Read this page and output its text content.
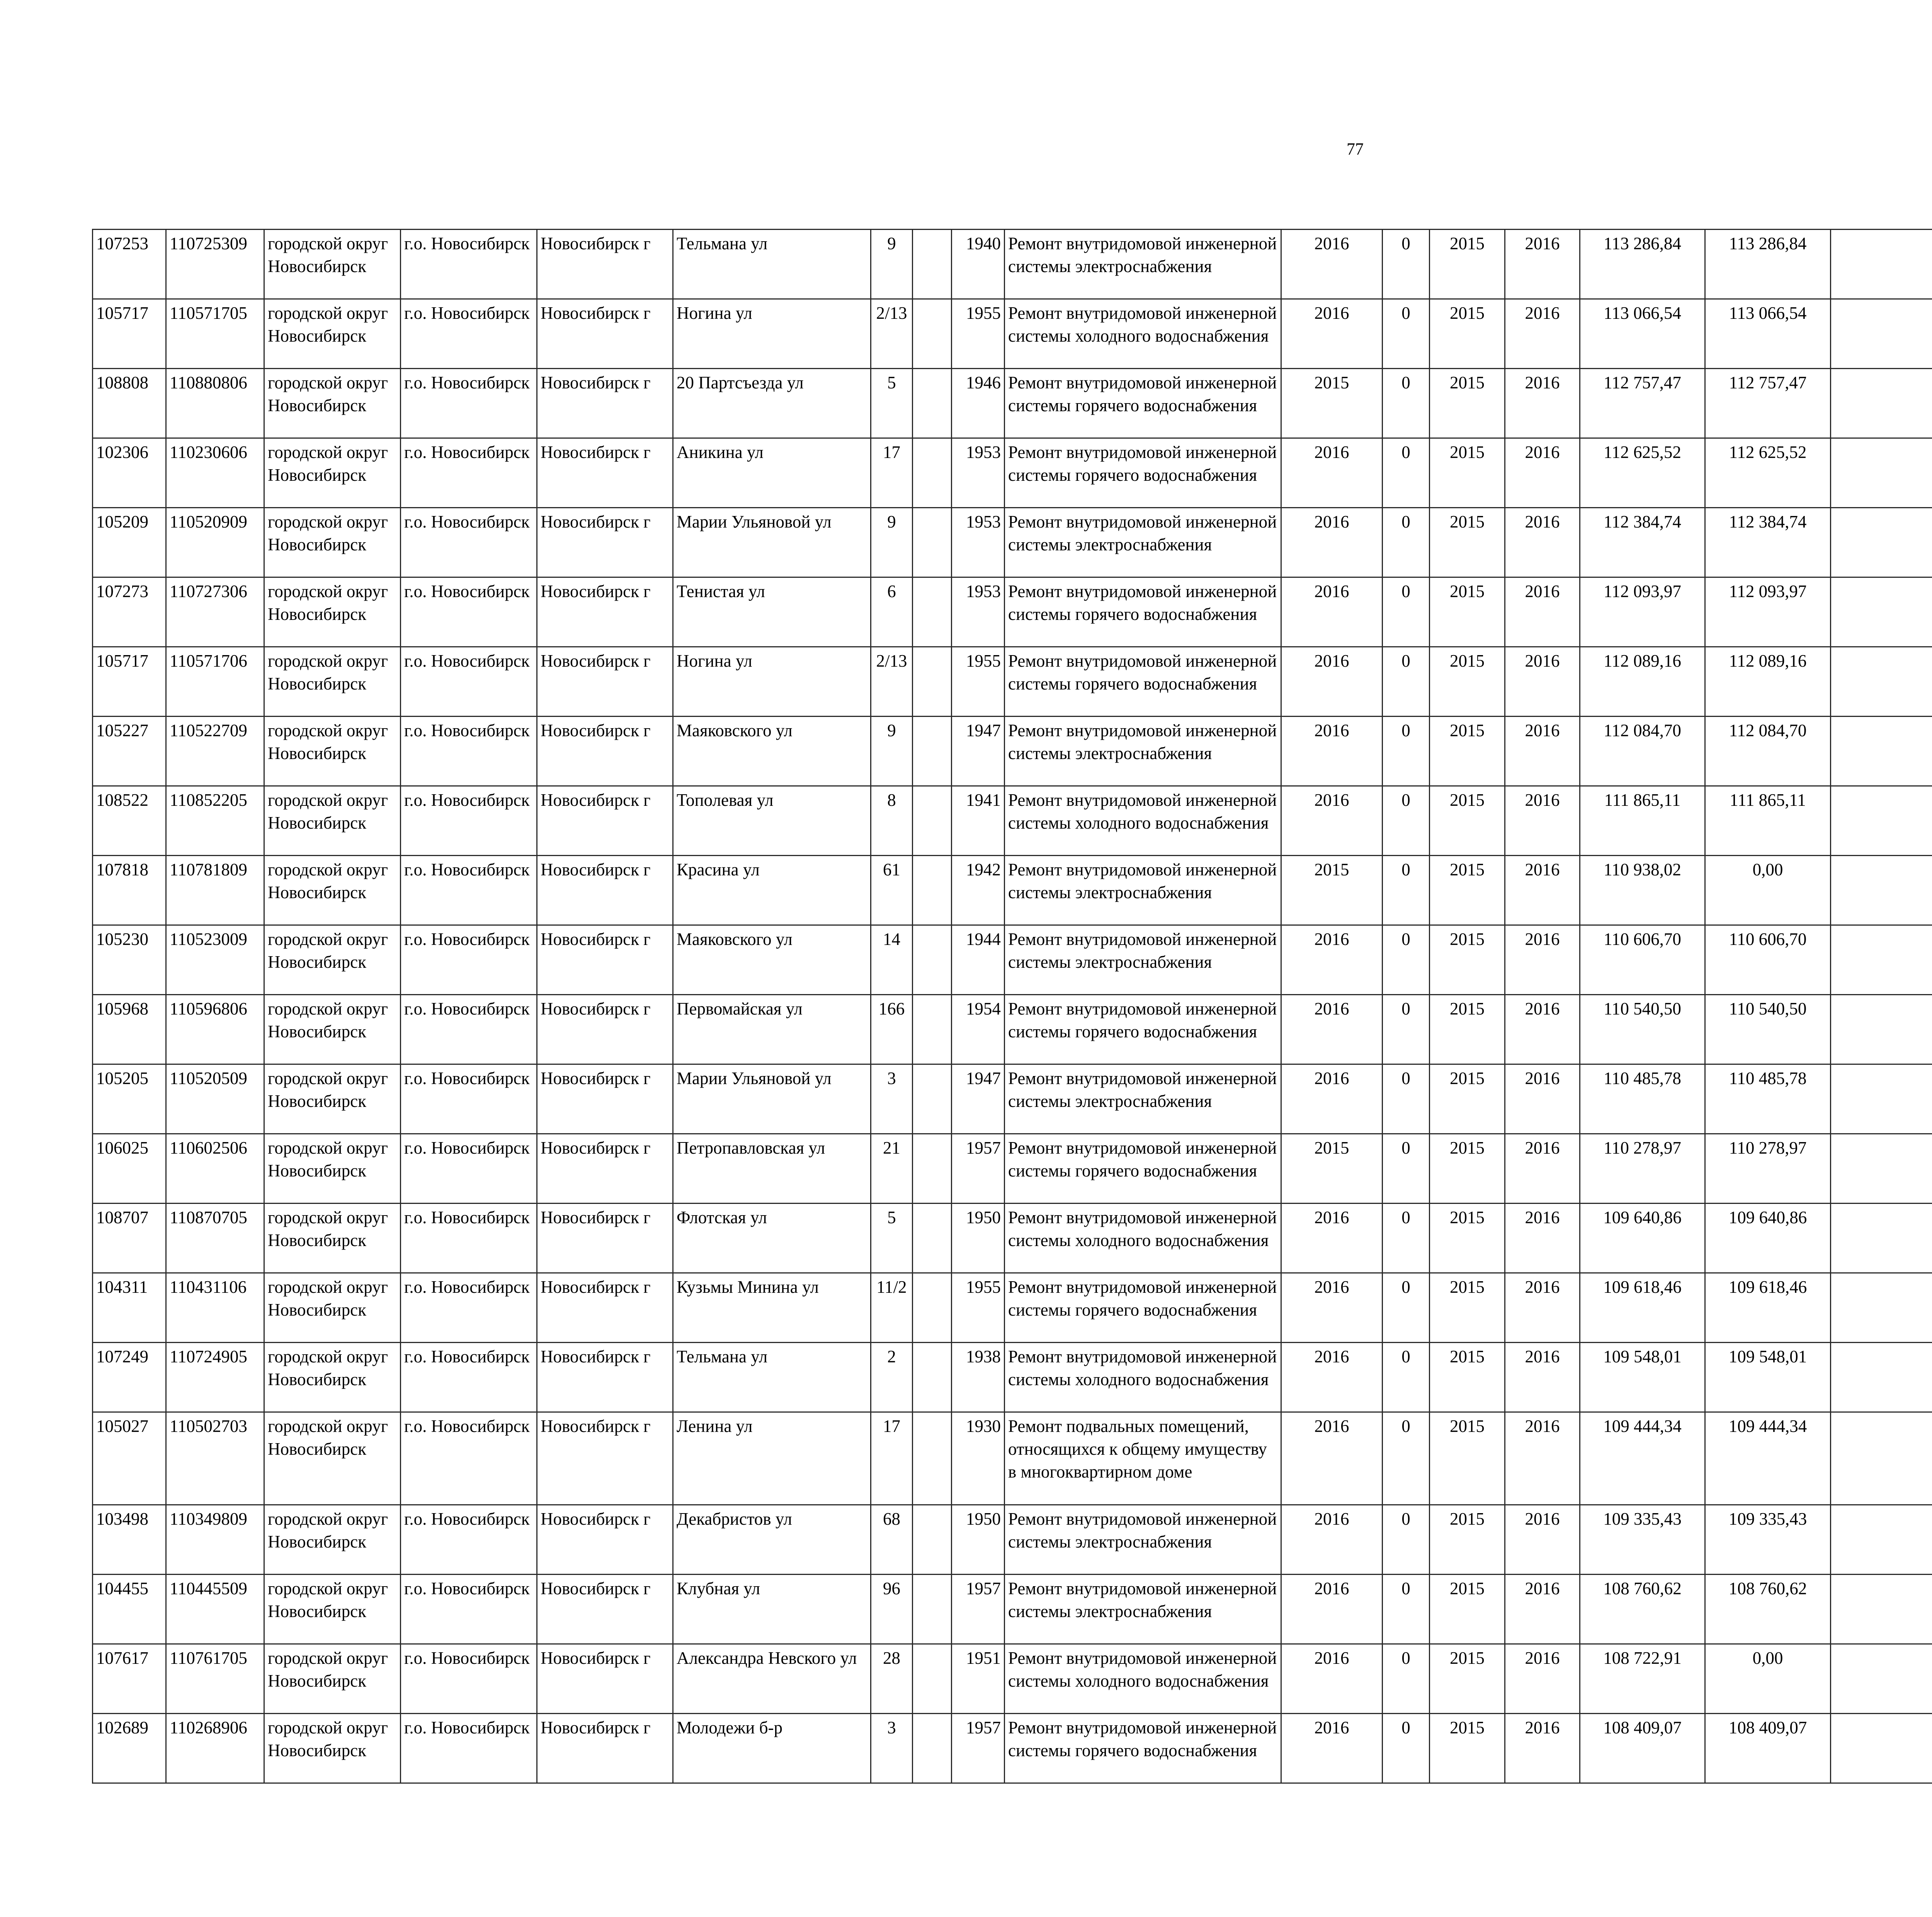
77
107253	110725309	городской округ Новосибирск	г.о. Новосибирск	Новосибирск г	Тельмана ул	9		1940	Ремонт внутридомовой инженерной системы электроснабжения	2016	0	2015	2016	113 286,84	113 286,84						
105717	110571705	городской округ Новосибирск	г.о. Новосибирск	Новосибирск г	Ногина ул	2/13		1955	Ремонт внутридомовой инженерной системы холодного водоснабжения	2016	0	2015	2016	113 066,54	113 066,54						
108808	110880806	городской округ Новосибирск	г.о. Новосибирск	Новосибирск г	20 Партсъезда ул	5		1946	Ремонт внутридомовой инженерной системы горячего водоснабжения	2015	0	2015	2016	112 757,47	112 757,47						
102306	110230606	городской округ Новосибирск	г.о. Новосибирск	Новосибирск г	Аникина ул	17		1953	Ремонт внутридомовой инженерной системы горячего водоснабжения	2016	0	2015	2016	112 625,52	112 625,52						
105209	110520909	городской округ Новосибирск	г.о. Новосибирск	Новосибирск г	Марии Ульяновой ул	9		1953	Ремонт внутридомовой инженерной системы электроснабжения	2016	0	2015	2016	112 384,74	112 384,74						
107273	110727306	городской округ Новосибирск	г.о. Новосибирск	Новосибирск г	Тенистая ул	6		1953	Ремонт внутридомовой инженерной системы горячего водоснабжения	2016	0	2015	2016	112 093,97	112 093,97						
105717	110571706	городской округ Новосибирск	г.о. Новосибирск	Новосибирск г	Ногина ул	2/13		1955	Ремонт внутридомовой инженерной системы горячего водоснабжения	2016	0	2015	2016	112 089,16	112 089,16						
105227	110522709	городской округ Новосибирск	г.о. Новосибирск	Новосибирск г	Маяковского ул	9		1947	Ремонт внутридомовой инженерной системы электроснабжения	2016	0	2015	2016	112 084,70	112 084,70						
108522	110852205	городской округ Новосибирск	г.о. Новосибирск	Новосибирск г	Тополевая ул	8		1941	Ремонт внутридомовой инженерной системы холодного водоснабжения	2016	0	2015	2016	111 865,11	111 865,11						
107818	110781809	городской округ Новосибирск	г.о. Новосибирск	Новосибирск г	Красина ул	61		1942	Ремонт внутридомовой инженерной системы электроснабжения	2015	0	2015	2016	110 938,02	0,00						
105230	110523009	городской округ Новосибирск	г.о. Новосибирск	Новосибирск г	Маяковского ул	14		1944	Ремонт внутридомовой инженерной системы электроснабжения	2016	0	2015	2016	110 606,70	110 606,70						
105968	110596806	городской округ Новосибирск	г.о. Новосибирск	Новосибирск г	Первомайская ул	166		1954	Ремонт внутридомовой инженерной системы горячего водоснабжения	2016	0	2015	2016	110 540,50	110 540,50						
105205	110520509	городской округ Новосибирск	г.о. Новосибирск	Новосибирск г	Марии Ульяновой ул	3		1947	Ремонт внутридомовой инженерной системы электроснабжения	2016	0	2015	2016	110 485,78	110 485,78						
106025	110602506	городской округ Новосибирск	г.о. Новосибирск	Новосибирск г	Петропавловская ул	21		1957	Ремонт внутридомовой инженерной системы горячего водоснабжения	2015	0	2015	2016	110 278,97	110 278,97						
108707	110870705	городской округ Новосибирск	г.о. Новосибирск	Новосибирск г	Флотская ул	5		1950	Ремонт внутридомовой инженерной системы холодного водоснабжения	2016	0	2015	2016	109 640,86	109 640,86						
104311	110431106	городской округ Новосибирск	г.о. Новосибирск	Новосибирск г	Кузьмы Минина ул	11/2		1955	Ремонт внутридомовой инженерной системы горячего водоснабжения	2016	0	2015	2016	109 618,46	109 618,46						
107249	110724905	городской округ Новосибирск	г.о. Новосибирск	Новосибирск г	Тельмана ул	2		1938	Ремонт внутридомовой инженерной системы холодного водоснабжения	2016	0	2015	2016	109 548,01	109 548,01						
105027	110502703	городской округ Новосибирск	г.о. Новосибирск	Новосибирск г	Ленина ул	17		1930	Ремонт подвальных помещений, относящихся к общему имуществу в многоквартирном доме	2016	0	2015	2016	109 444,34	109 444,34						
103498	110349809	городской округ Новосибирск	г.о. Новосибирск	Новосибирск г	Декабристов ул	68		1950	Ремонт внутридомовой инженерной системы электроснабжения	2016	0	2015	2016	109 335,43	109 335,43						
104455	110445509	городской округ Новосибирск	г.о. Новосибирск	Новосибирск г	Клубная ул	96		1957	Ремонт внутридомовой инженерной системы электроснабжения	2016	0	2015	2016	108 760,62	108 760,62						
107617	110761705	городской округ Новосибирск	г.о. Новосибирск	Новосибирск г	Александра Невского ул	28		1951	Ремонт внутридомовой инженерной системы холодного водоснабжения	2016	0	2015	2016	108 722,91	0,00						
102689	110268906	городской округ Новосибирск	г.о. Новосибирск	Новосибирск г	Молодежи б-р	3		1957	Ремонт внутридомовой инженерной системы горячего водоснабжения	2016	0	2015	2016	108 409,07	108 409,07						
